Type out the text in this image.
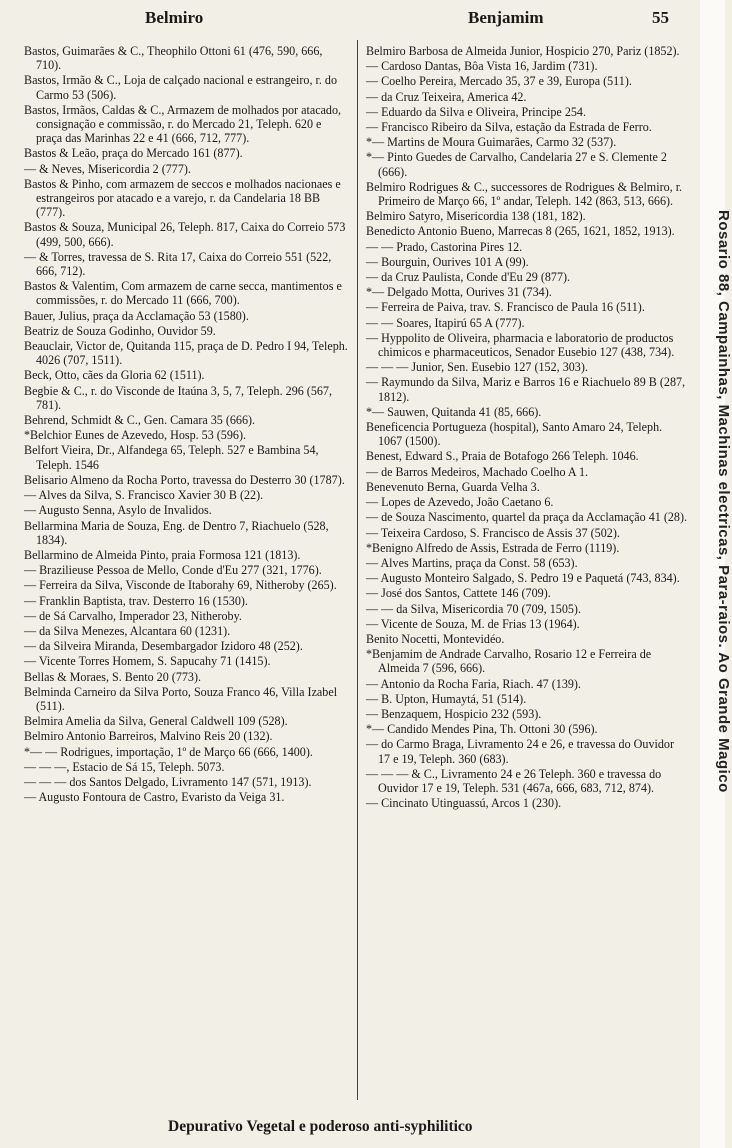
Belmiro	Benjamim	55
Bastos, Guimarães & C., Theophilo Ottoni 61 (476, 590, 666, 710).
Bastos, Irmão & C., Loja de calçado nacional e estrangeiro, r. do Carmo 53 (506).
Bastos, Irmãos, Caldas & C., Armazem de molhados por atacado, consignação e commissão, r. do Mercado 21, Teleph. 620 e praça das Marinhas 22 e 41 (666, 712, 777).
Bastos & Leão, praça do Mercado 161 (877).
— & Neves, Misericordia 2 (777).
Bastos & Pinho, com armazem de seccos e molhados nacionaes e estrangeiros por atacado e a varejo, r. da Candelaria 18 BB (777).
Bastos & Souza, Municipal 26, Teleph. 817, Caixa do Correio 573 (499, 500, 666).
— & Torres, travessa de S. Rita 17, Caixa do Correio 551 (522, 666, 712).
Bastos & Valentim, Com armazem de carne secca, mantimentos e commissões, r. do Mercado 11 (666, 700).
Bauer, Julius, praça da Acclamação 53 (1580).
Beatriz de Souza Godinho, Ouvidor 59.
Beauclair, Victor de, Quitanda 115, praça de D. Pedro I 94, Teleph. 4026 (707, 1511).
Beck, Otto, cães da Gloria 62 (1511).
Begbie & C., r. do Visconde de Itaúna 3, 5, 7, Teleph. 296 (567, 781).
Behrend, Schmidt & C., Gen. Camara 35 (666).
*Belchior Eunes de Azevedo, Hosp. 53 (596).
Belfort Vieira, Dr., Alfandega 65, Teleph. 527 e Bambina 54, Teleph. 1546
Belisario Almeno da Rocha Porto, travessa do Desterro 30 (1787).
— Alves da Silva, S. Francisco Xavier 30 B (22).
— Augusto Senna, Asylo de Invalidos.
Bellarmina Maria de Souza, Eng. de Dentro 7, Riachuelo (528, 1834).
Bellarmino de Almeida Pinto, praia Formosa 121 (1813).
— Brazilieuse Pessoa de Mello, Conde d'Eu 277 (321, 1776).
— Ferreira da Silva, Visconde de Itaborahy 69, Nitheroby (265).
— Franklin Baptista, trav. Desterro 16 (1530).
— de Sá Carvalho, Imperador 23, Nitheroby.
— da Silva Menezes, Alcantara 60 (1231).
— da Silveira Miranda, Desembargador Izidoro 48 (252).
— Vicente Torres Homem, S. Sapucahy 71 (1415).
Bellas & Moraes, S. Bento 20 (773).
Belminda Carneiro da Silva Porto, Souza Franco 46, Villa Izabel (511).
Belmira Amelia da Silva, General Caldwell 109 (528).
Belmiro Antonio Barreiros, Malvino Reis 20 (132).
*— — Rodrigues, importação, 1º de Março 66 (666, 1400).
— — —, Estacio de Sá 15, Teleph. 5073.
— — — dos Santos Delgado, Livramento 147 (571, 1913).
— Augusto Fontoura de Castro, Evaristo da Veiga 31.
Belmiro Barbosa de Almeida Junior, Hospicio 270, Pariz (1852).
— Cardoso Dantas, Bôa Vista 16, Jardim (731).
— Coelho Pereira, Mercado 35, 37 e 39, Europa (511).
— da Cruz Teixeira, America 42.
— Eduardo da Silva e Oliveira, Principe 254.
— Francisco Ribeiro da Silva, estação da Estrada de Ferro.
*— Martins de Moura Guimarães, Carmo 32 (537).
*— Pinto Guedes de Carvalho, Candelaria 27 e S. Clemente 2 (666).
Belmiro Rodrigues & C., successores de Rodrigues & Belmiro, r. Primeiro de Março 66, 1º andar, Teleph. 142 (863, 513, 666).
Belmiro Satyro, Misericordia 138 (181, 182).
Benedicto Antonio Bueno, Marrecas 8 (265, 1621, 1852, 1913).
— — Prado, Castorina Pires 12.
— Bourguin, Ourives 101 A (99).
— da Cruz Paulista, Conde d'Eu 29 (877).
*— Delgado Motta, Ourives 31 (734).
— Ferreira de Paiva, trav. S. Francisco de Paula 16 (511).
— — Soares, Itapirú 65 A (777).
— Hyppolito de Oliveira, pharmacia e laboratorio de productos chimicos e pharmaceuticos, Senador Eusebio 127 (438, 734).
— — — Junior, Sen. Eusebio 127 (152, 303).
— Raymundo da Silva, Mariz e Barros 16 e Riachuelo 89 B (287, 1812).
*— Sauwen, Quitanda 41 (85, 666).
Beneficencia Portugueza (hospital), Santo Amaro 24, Teleph. 1067 (1500).
Benest, Edward S., Praia de Botafogo 266 Teleph. 1046.
— de Barros Medeiros, Machado Coelho A 1.
Benevenuto Berna, Guarda Velha 3.
— Lopes de Azevedo, João Caetano 6.
— de Souza Nascimento, quartel da praça da Acclamação 41 (28).
— Teixeira Cardoso, S. Francisco de Assis 37 (502).
*Benigno Alfredo de Assis, Estrada de Ferro (1119).
— Alves Martins, praça da Const. 58 (653).
— Augusto Monteiro Salgado, S. Pedro 19 e Paquetá (743, 834).
— José dos Santos, Cattete 146 (709).
— — da Silva, Misericordia 70 (709, 1505).
— Vicente de Souza, M. de Frias 13 (1964).
Benito Nocetti, Montevidéo.
*Benjamim de Andrade Carvalho, Rosario 12 e Ferreira de Almeida 7 (596, 666).
— Antonio da Rocha Faria, Riach. 47 (139).
— B. Upton, Humaytá, 51 (514).
— Benzaquem, Hospicio 232 (593).
*— Candido Mendes Pina, Th. Ottoni 30 (596).
— do Carmo Braga, Livramento 24 e 26, e travessa do Ouvidor 17 e 19, Teleph. 360 (683).
— — — & C., Livramento 24 e 26 Teleph. 360 e travessa do Ouvidor 17 e 19, Teleph. 531 (467a, 666, 683, 712, 874).
— Cincinato Utinguassú, Arcos 1 (230).
Rosario 88, Campainhas, Machinas electricas, Para-raios. Ao Grande Magico
Depurativo Vegetal e poderoso anti-syphilitico
